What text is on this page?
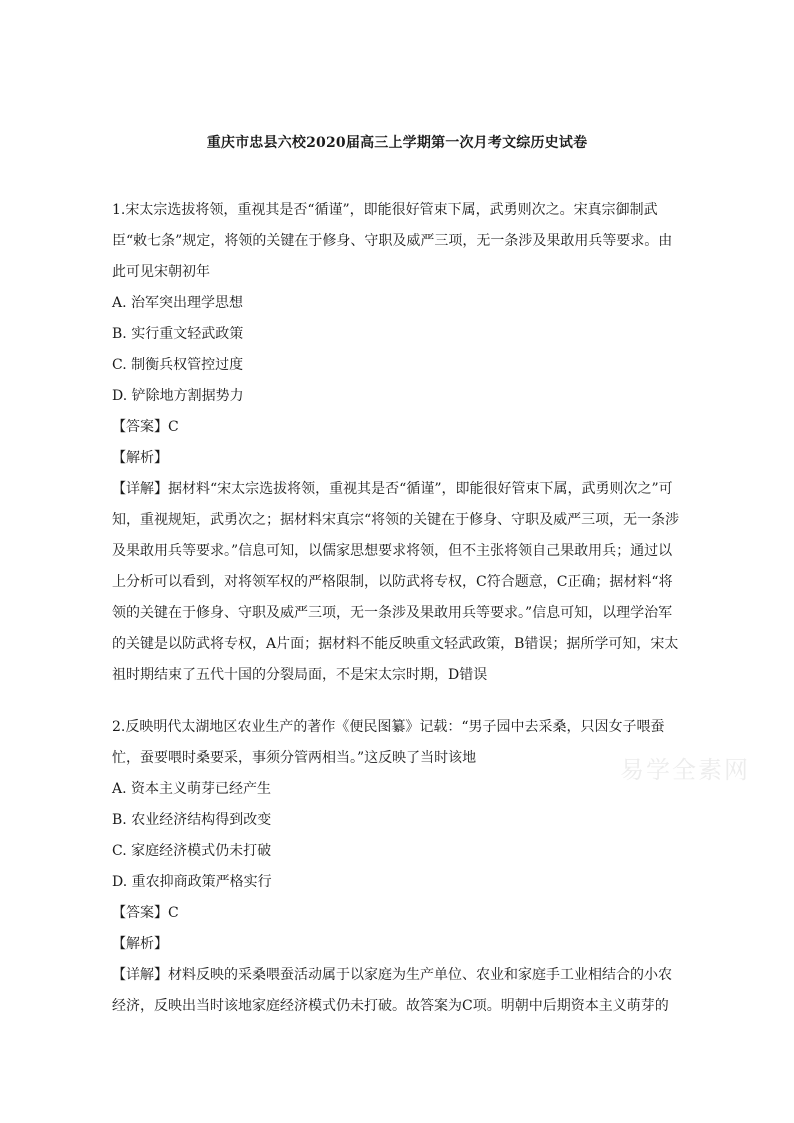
重庆市忠县六校2020届高三上学期第一次月考文综历史试卷

1.宋太宗选拔将领，重视其是否“循谨”，即能很好管束下属，武勇则次之。宋真宗御制武臣“敕七条”规定，将领的关键在于修身、守职及威严三项，无一条涉及果敢用兵等要求。由此可见宋朝初年

A. 治军突出理学思想

B. 实行重文轻武政策

C. 制衡兵权管控过度

D. 铲除地方割据势力

【答案】C

【解析】

【详解】据材料“宋太宗选拔将领，重视其是否“循谨”，即能很好管束下属，武勇则次之”可知，重视规矩，武勇次之；据材料宋真宗“将领的关键在于修身、守职及威严三项，无一条涉及果敢用兵等要求。”信息可知，以儒家思想要求将领，但不主张将领自己果敢用兵；通过以上分析可以看到，对将领军权的严格限制，以防武将专权，C符合题意，C正确；据材料“将领的关键在于修身、守职及威严三项，无一条涉及果敢用兵等要求。”信息可知，以理学治军的关键是以防武将专权，A片面；据材料不能反映重文轻武政策，B错误；据所学可知，宋太祖时期结束了五代十国的分裂局面，不是宋太宗时期，D错误

2.反映明代太湖地区农业生产的著作《便民图纂》记载：“男子园中去采桑，只因女子喂蚕忙，蚕要喂时桑要采，事须分管两相当。”这反映了当时该地

A. 资本主义萌芽已经产生

B. 农业经济结构得到改变

C. 家庭经济模式仍未打破

D. 重农抑商政策严格实行

【答案】C

【解析】

【详解】材料反映的采桑喂蚕活动属于以家庭为生产单位、农业和家庭手工业相结合的小农经济，反映出当时该地家庭经济模式仍未打破。故答案为C项。明朝中后期资本主义萌芽的

易学全素网
